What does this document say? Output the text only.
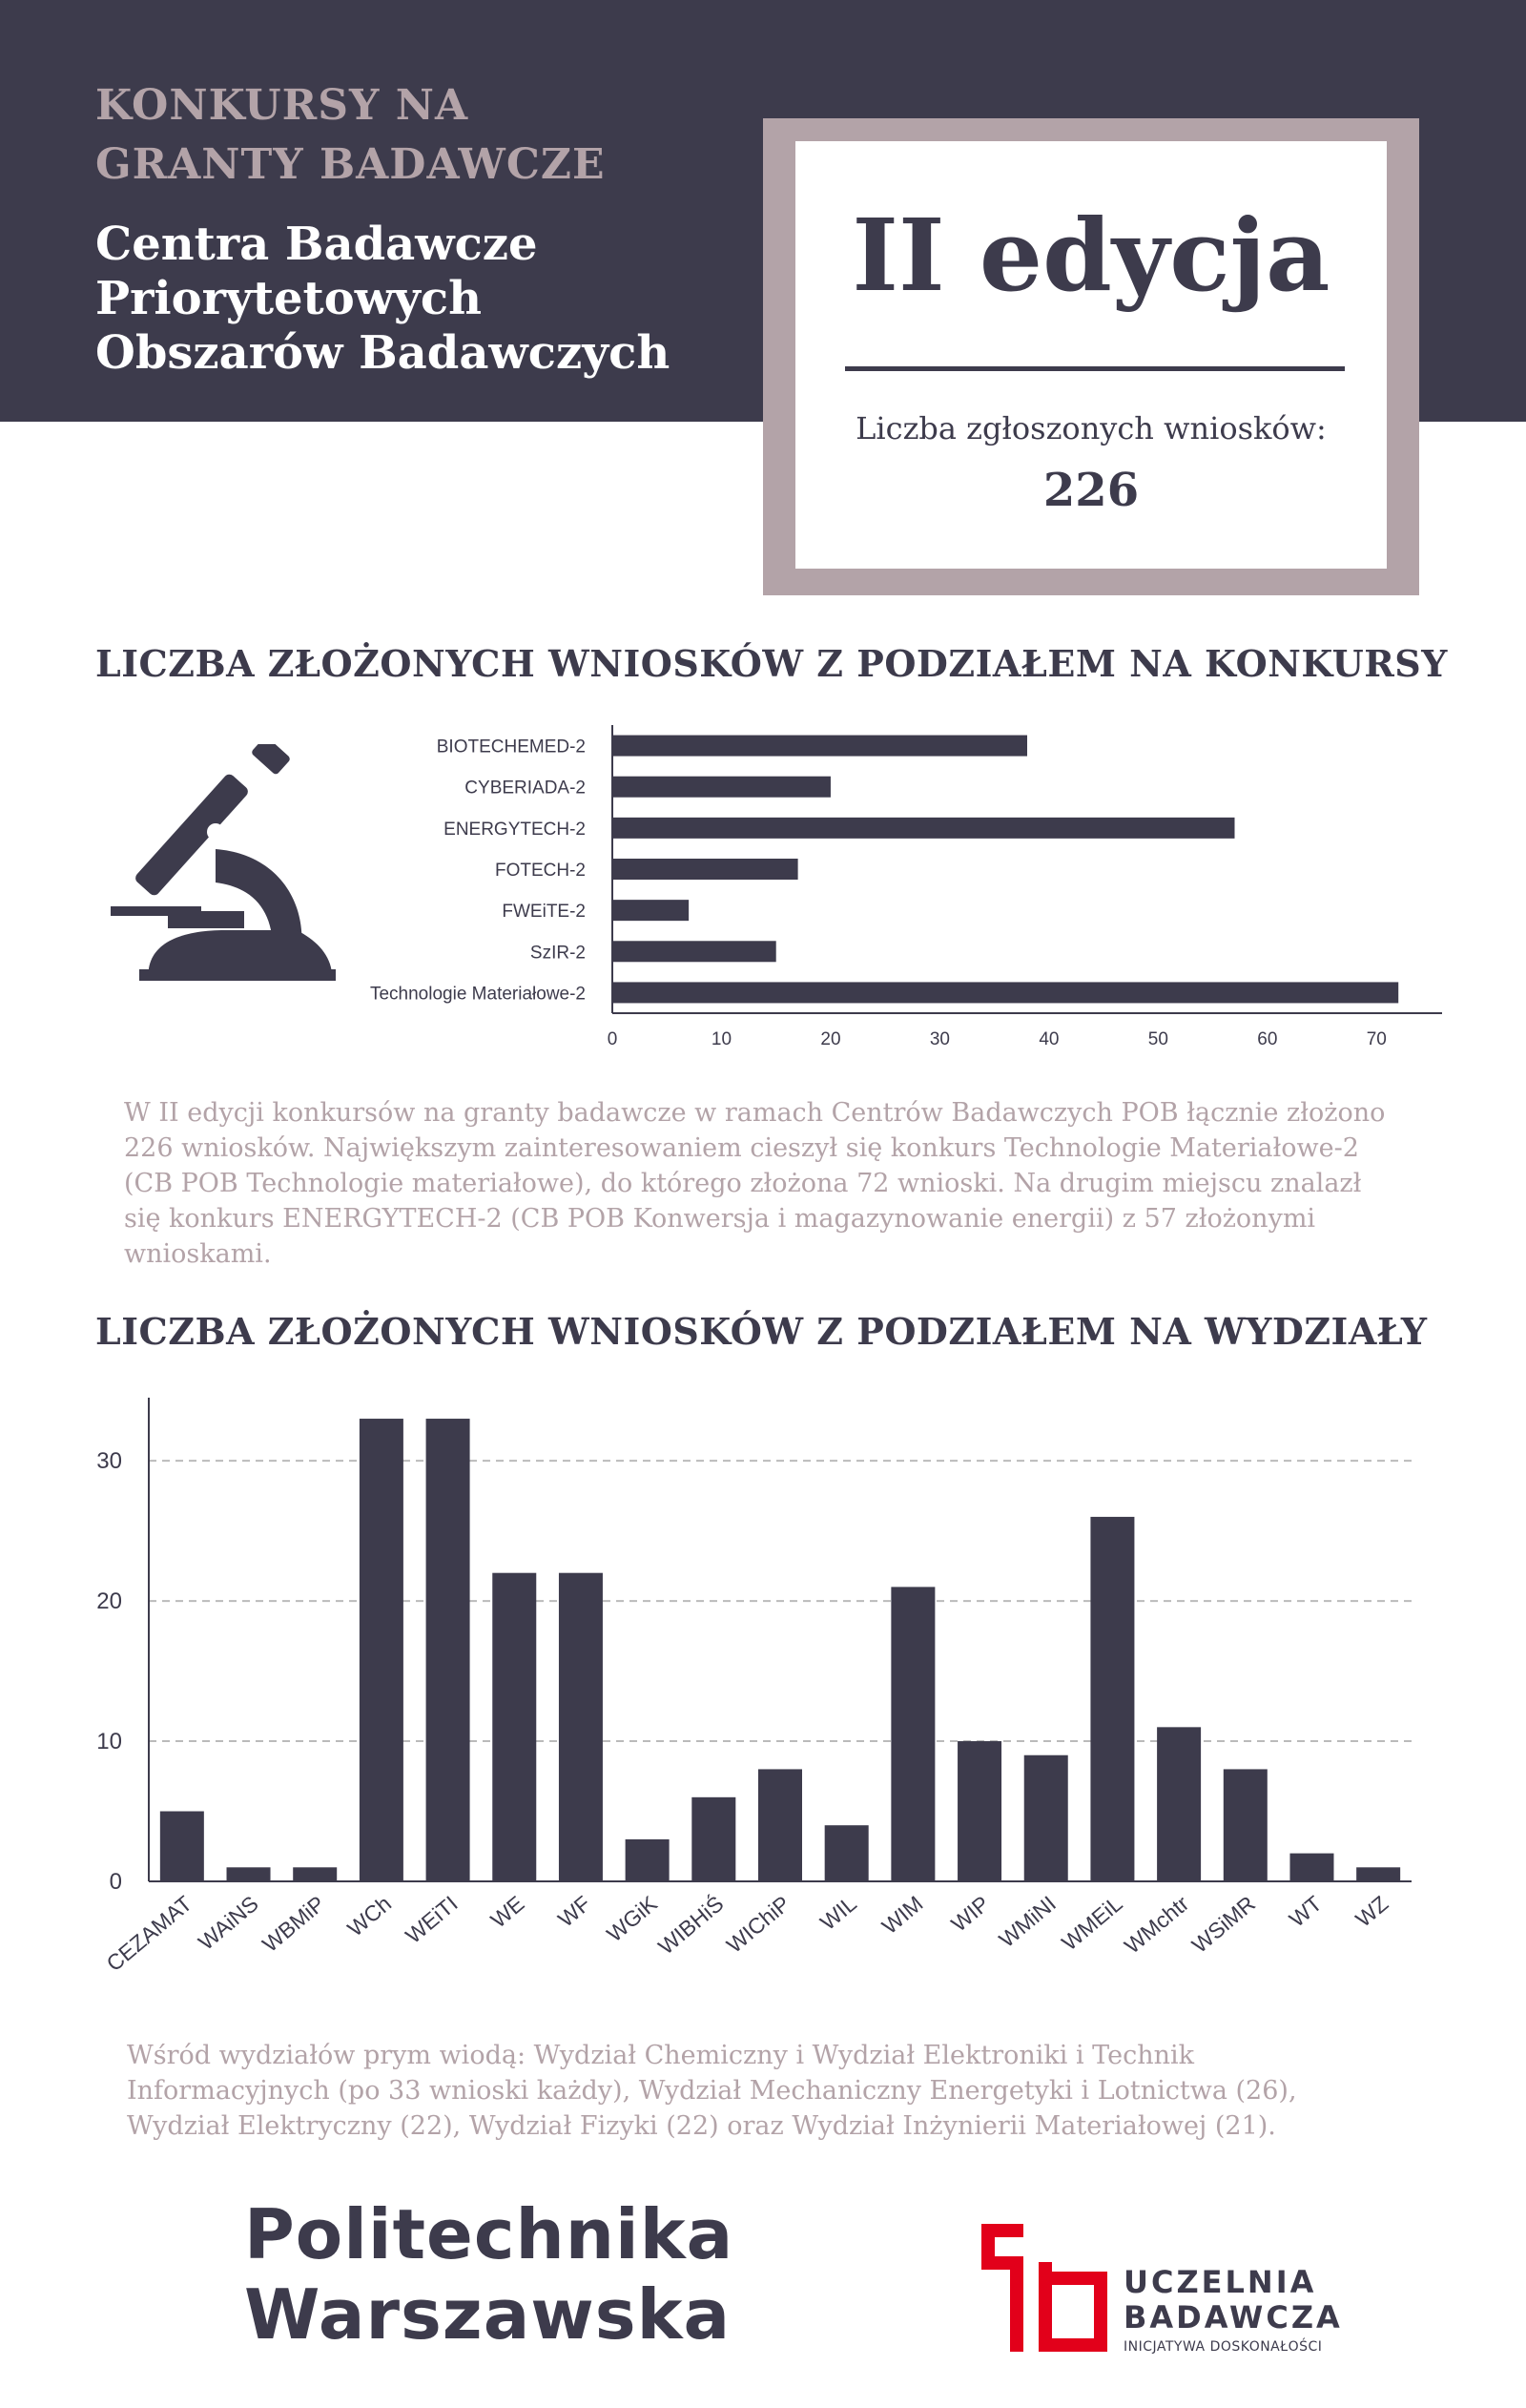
KONKURSY NA GRANTY BADAWCZE
Centra Badawcze
Priorytetowych
Obszarów Badawczych
II edycja
Liczba zgłoszonych wniosków:
226
LICZBA ZŁOŻONYCH WNIOSKÓW Z PODZIAŁEM NA KONKURSY
BIOTECHEMED-2
CYBERIADA-2
ENERGYTECH-2
FOTECH-2
FWEiTE-2
SzIR-2
Technologie Materiałowe-2
0	10	20	30	40	50	60	70
W II edycji konkursów na granty badawcze w ramach Centrów Badawczych POB łącznie złożono
226 wniosków. Największym zainteresowaniem cieszył się konkurs Technologie Materiałowe-2
(CB POB Technologie materiałowe), do którego złożona 72 wnioski. Na drugim miejscu znalazł
się konkurs ENERGYTECH-2 (CB POB Konwersja i magazynowanie energii) z 57 złożonymi
wnioskami.
LICZBA ZŁOŻONYCH WNIOSKÓW Z PODZIAŁEM NA WYDZIAŁY
0
10
20
30
CEZAMAT
WAiNS
WBMiP WCh WEiTI WE WF WGiK
WIBHiŚ
WIChiP WIL WIM WIP WMiNI
WMEiL
WMchtr
WSiMR WT WZ
Wśród wydziałów prym wiodą: Wydział Chemiczny i Wydział Elektroniki i Technik
Informacyjnych (po 33 wnioski każdy), Wydział Mechaniczny Energetyki i Lotnictwa (26),
Wydział Elektryczny (22), Wydział Fizyki (22) oraz Wydział Inżynierii Materiałowej (21).
Politechnika
Warszawska	UCZELNIA
BADAWCZA
INICJATYWA DOSKONAŁOŚCI
